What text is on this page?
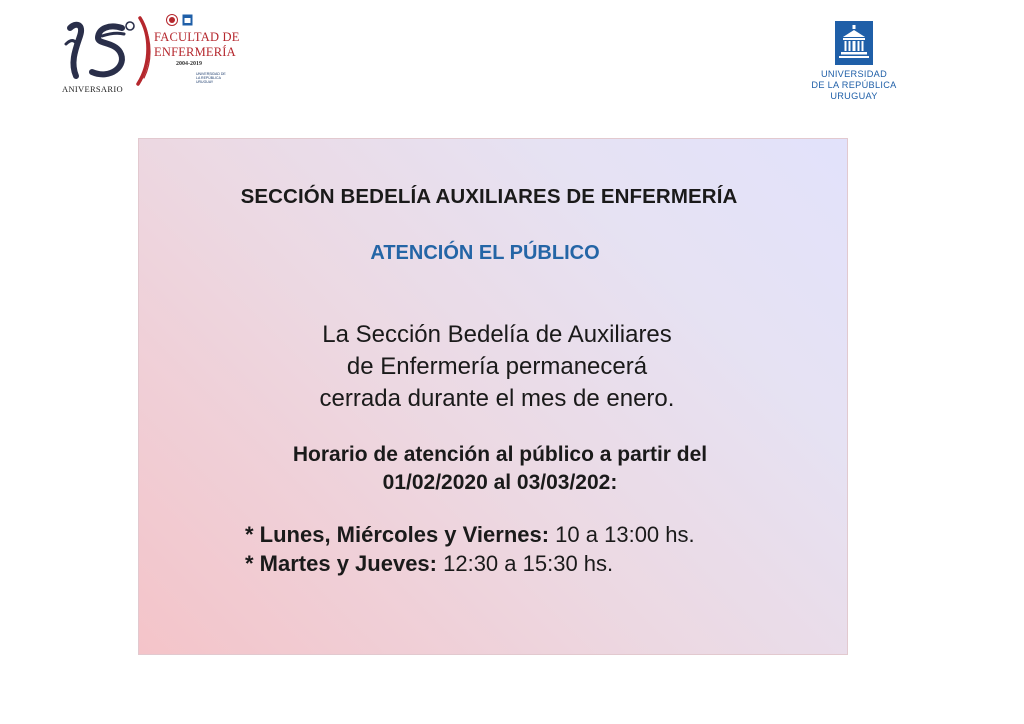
ANIVERSARIO
FACULTAD DE
ENFERMERÍA
2004-2019
UNIVERSIDAD DE LA REPÚBLICA URUGUAY
UNIVERSIDAD
DE LA REPÚBLICA
URUGUAY
SECCIÓN BEDELÍA AUXILIARES DE ENFERMERÍA
ATENCIÓN EL PÚBLICO
La Sección Bedelía de Auxiliares
de Enfermería permanecerá
cerrada durante el mes de enero.
Horario de atención al público a partir del
01/02/2020 al 03/03/202:
* Lunes, Miércoles y Viernes: 10 a 13:00 hs.
* Martes y Jueves: 12:30 a 15:30 hs.
